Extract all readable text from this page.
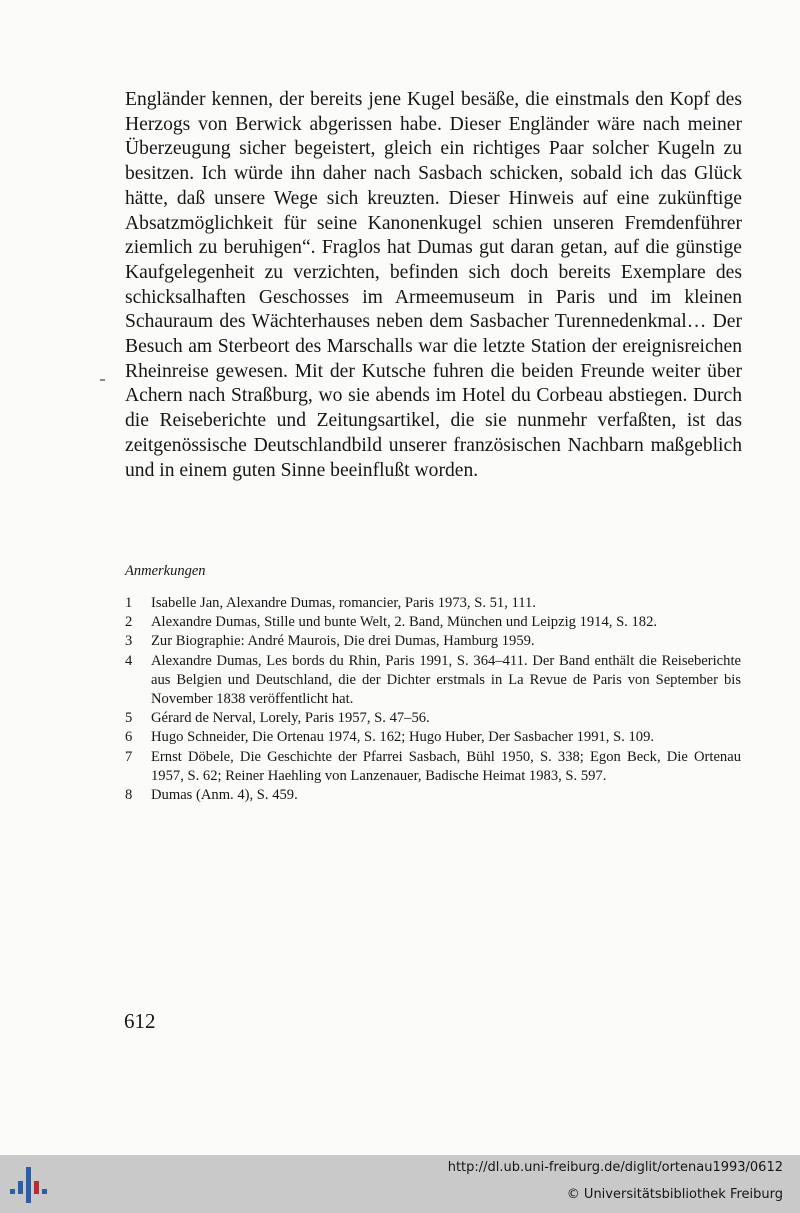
Engländer kennen, der bereits jene Kugel besäße, die einstmals den Kopf des Herzogs von Berwick abgerissen habe. Dieser Engländer wäre nach meiner Überzeugung sicher begeistert, gleich ein richtiges Paar solcher Kugeln zu besitzen. Ich würde ihn daher nach Sasbach schicken, sobald ich das Glück hätte, daß unsere Wege sich kreuzten. Dieser Hinweis auf eine zukünftige Absatzmöglichkeit für seine Kanonenkugel schien unseren Fremdenführer ziemlich zu beruhigen“. Fraglos hat Dumas gut daran getan, auf die günstige Kaufgelegenheit zu verzichten, befinden sich doch bereits Exemplare des schicksalhaften Geschosses im Armeemuseum in Paris und im kleinen Schauraum des Wächterhauses neben dem Sasbacher Turennedenkmal… Der Besuch am Sterbeort des Marschalls war die letzte Station der ereignisreichen Rheinreise gewesen. Mit der Kutsche fuhren die beiden Freunde weiter über Achern nach Straßburg, wo sie abends im Hotel du Corbeau abstiegen. Durch die Reiseberichte und Zeitungsartikel, die sie nunmehr verfaßten, ist das zeitgenössische Deutschlandbild unserer französischen Nachbarn maßgeblich und in einem guten Sinne beeinflußt worden.

Anmerkungen
1	Isabelle Jan, Alexandre Dumas, romancier, Paris 1973, S. 51, 111.
2	Alexandre Dumas, Stille und bunte Welt, 2. Band, München und Leipzig 1914, S. 182.
3	Zur Biographie: André Maurois, Die drei Dumas, Hamburg 1959.
4	Alexandre Dumas, Les bords du Rhin, Paris 1991, S. 364–411. Der Band enthält die Reiseberichte aus Belgien und Deutschland, die der Dichter erstmals in La Revue de Paris von September bis November 1838 veröffentlicht hat.
5	Gérard de Nerval, Lorely, Paris 1957, S. 47–56.
6	Hugo Schneider, Die Ortenau 1974, S. 162; Hugo Huber, Der Sasbacher 1991, S. 109.
7	Ernst Döbele, Die Geschichte der Pfarrei Sasbach, Bühl 1950, S. 338; Egon Beck, Die Ortenau 1957, S. 62; Reiner Haehling von Lanzenauer, Badische Heimat 1983, S. 597.
8	Dumas (Anm. 4), S. 459.
612
http://dl.ub.uni-freiburg.de/diglit/ortenau1993/0612
© Universitätsbibliothek Freiburg
